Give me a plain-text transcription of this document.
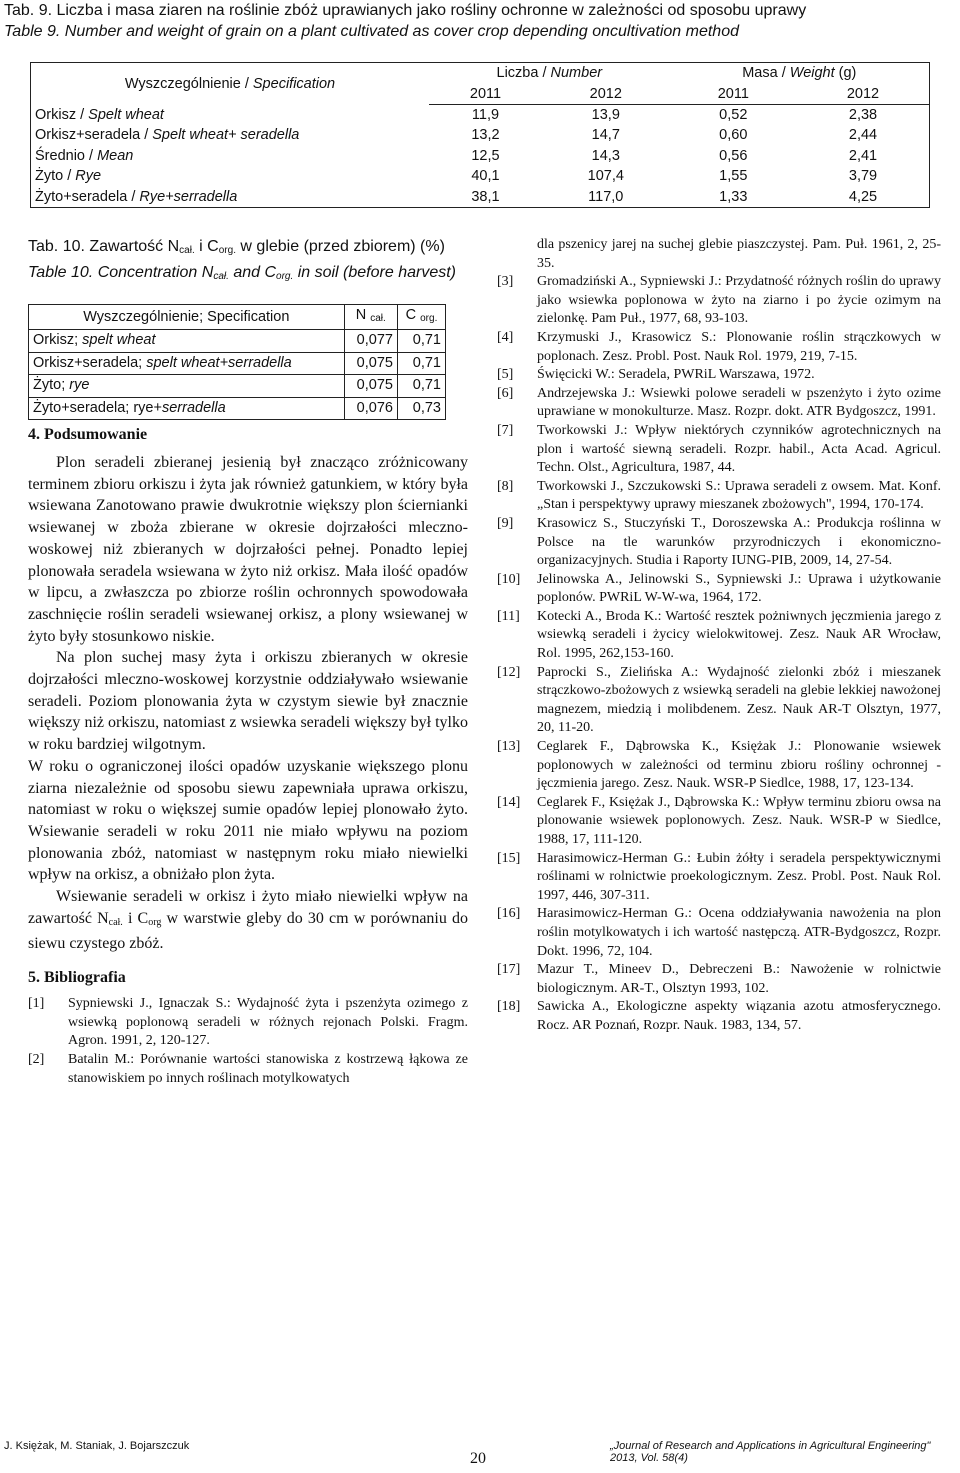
Tab. 9. Liczba i masa ziaren na roślinie zbóż uprawianych jako rośliny ochronne w zależności od sposobu uprawy
Table 9. Number and weight of grain on a plant cultivated as cover crop depending oncultivation method
Wyszczególnienie / Specification	Liczba / Number		Masa / Weight (g)	
	2011	2012	2011	2012
Orkisz / Spelt wheat	11,9	13,9	0,52	2,38
Orkisz+seradela / Spelt wheat+ seradella	13,2	14,7	0,60	2,44
Średnio / Mean	12,5	14,3	0,56	2,41
Żyto / Rye	40,1	107,4	1,55	3,79
Żyto+seradela / Rye+serradella	38,1	117,0	1,33	4,25
Tab. 10. Zawartość $N_{cał.}$ i $C_{org.}$ w glebie (przed zbiorem) (%)
Table 10. Concentration $N_{cał.}$ and $C_{org.}$ in soil (before harvest)
Wyszczególnienie; Specification	N $_{cał.}$	C $_{org.}$
Orkisz; spelt wheat	0,077	0,71
Orkisz+seradela; spelt wheat+serradella	0,075	0,71
Żyto; rye	0,075	0,71
Żyto+seradela; rye+serradella	0,076	0,73
4. Podsumowanie

Plon seradeli zbieranej jesienią był znacząco zróżnicowany terminem zbioru orkiszu i żyta jak również gatunkiem, w który była wsiewana Zanotowano prawie dwukrotnie większy plon ścierniankі wsiewanej w zboża zbierane w okresie dojrzałości mleczno-woskowej niż zbieranych w dojrzałości pełnej. Ponadto lepiej plonowała seradela wsiewana w żyto niż orkisz. Mała ilość opadów w lipcu, a zwłaszcza po zbiorze roślin ochronnych spowodowała zaschnięcie roślin seradeli wsiewanej orkisz, a plony wsiewanej w żyto były stosunkowo niskie.

Na plon suchej masy żyta i orkiszu zbieranych w okresie dojrzałości mleczno-woskowej korzystnie oddziaływało wsiewanie seradeli. Poziom plonowania żyta w czystym siewie był znacznie większy niż orkiszu, natomiast z wsiewka seradeli większy był tylko w roku bardziej wilgotnym.

W roku o ograniczonej ilości opadów uzyskanie większego plonu ziarna niezależnie od sposobu siewu zapewniała uprawa orkiszu, natomiast w roku o większej sumie opadów lepiej plonowało żyto. Wsiewanie seradeli w roku 2011 nie miało wpływu na poziom plonowania zbóż, natomiast w następnym roku miało niewielki wpływ na orkisz, a obniżało plon żyta.

Wsiewanie seradeli w orkisz i żyto miało niewielki wpływ na zawartość $N_{cał.}$ i $C_{org}$ w warstwie gleby do 30 cm w porównaniu do siewu czystego zbóż.

5. Bibliografia

[1] Sypniewski J., Ignaczak S.: Wydajność żyta i pszenżyta ozimego z wsiewką poplonową seradeli w różnych rejonach Polski. Fragm. Agron. 1991, 2, 120-127.

[2] Batalin M.: Porównanie wartości stanowiska z kostrzewą łąkowa ze stanowiskiem po innych roślinach motylkowatych

dla pszenicy jarej na suchej glebie piaszczystej. Pam. Puł. 1961, 2, 25-35.

[3] Gromadziński A., Sypniewski J.: Przydatność różnych roślin do uprawy jako wsiewka poplonowa w żyto na ziarno i po życie ozimym na zielonkę. Pam Puł., 1977, 68, 93-103.

[4] Krzymuski J., Krasowicz S.: Plonowanie roślin strączkowych w poplonach. Zesz. Probl. Post. Nauk Rol. 1979, 219, 7-15.

[5] Święcicki W.: Seradela, PWRiL Warszawa, 1972.

[6] Andrzejewska J.: Wsiewki polowe seradeli w pszenżyto i żyto ozime uprawiane w monokulturze. Masz. Rozpr. dokt. ATR Bydgoszcz, 1991.

[7] Tworkowski J.: Wpływ niektórych czynników agrotechnicznych na plon i wartość siewną seradeli. Rozpr. habil., Acta Acad. Agricul. Techn. Olst., Agricultura, 1987, 44.

[8] Tworkowski J., Szczukowski S.: Uprawa seradeli z owsem. Mat. Konf. „Stan i perspektywy uprawy mieszanek zbożowych", 1994, 170-174.

[9] Krasowicz S., Stuczyński T., Doroszewska A.: Produkcja roślinna w Polsce na tle warunków przyrodniczych i ekonomiczno-organizacyjnych. Studia i Raporty IUNG-PIB, 2009, 14, 27-54.

[10] Jelinowska A., Jelinowski S., Sypniewski J.: Uprawa i użytkowanie poplonów. PWRiL W-W-wa, 1964, 172.

[11] Kotecki A., Broda K.: Wartość resztek pożniwnych jęczmienia jarego z wsiewką seradeli i życicy wielokwitowej. Zesz. Nauk AR Wrocław, Rol. 1995, 262,153-160.

[12] Paprocki S., Zielińska A.: Wydajność zielonki zbóż i mieszanek strączkowo-zbożowych z wsiewką seradeli na glebie lekkiej nawożonej magnezem, miedzią i molibdenem. Zesz. Nauk AR-T Olsztyn, 1977, 20, 11-20.

[13] Ceglarek F., Dąbrowska K., Księżak J.: Plonowanie wsiewek poplonowych w zależności od terminu zbioru rośliny ochronnej - jęczmienia jarego. Zesz. Nauk. WSR-P Siedlce, 1988, 17, 123-134.

[14] Ceglarek F., Księżak J., Dąbrowska K.: Wpływ terminu zbioru owsa na plonowanie wsiewek poplonowych. Zesz. Nauk. WSR-P w Siedlce, 1988, 17, 111-120.

[15] Harasimowicz-Herman G.: Łubin żółty i seradela perspektywicznymi roślinami w rolnictwie proekologicznym. Zesz. Probl. Post. Nauk Rol. 1997, 446, 307-311.

[16] Harasimowicz-Herman G.: Ocena oddziaływania nawożenia na plon roślin motylkowatych i ich wartość następczą. ATR-Bydgoszcz, Rozpr. Dokt. 1996, 72, 104.

[17] Mazur T., Mineev D., Debreczeni B.: Nawożenie w rolnictwie biologicznym. AR-T., Olsztyn 1993, 102.

[18] Sawicka A., Ekologiczne aspekty wiązania azotu atmosferycznego. Rocz. AR Poznań, Rozpr. Nauk. 1983, 134, 57.

J. Księżak, M. Staniak, J. Bojarszczuk
20
„Journal of Research and Applications in Agricultural Engineering" 2013, Vol. 58(4)
